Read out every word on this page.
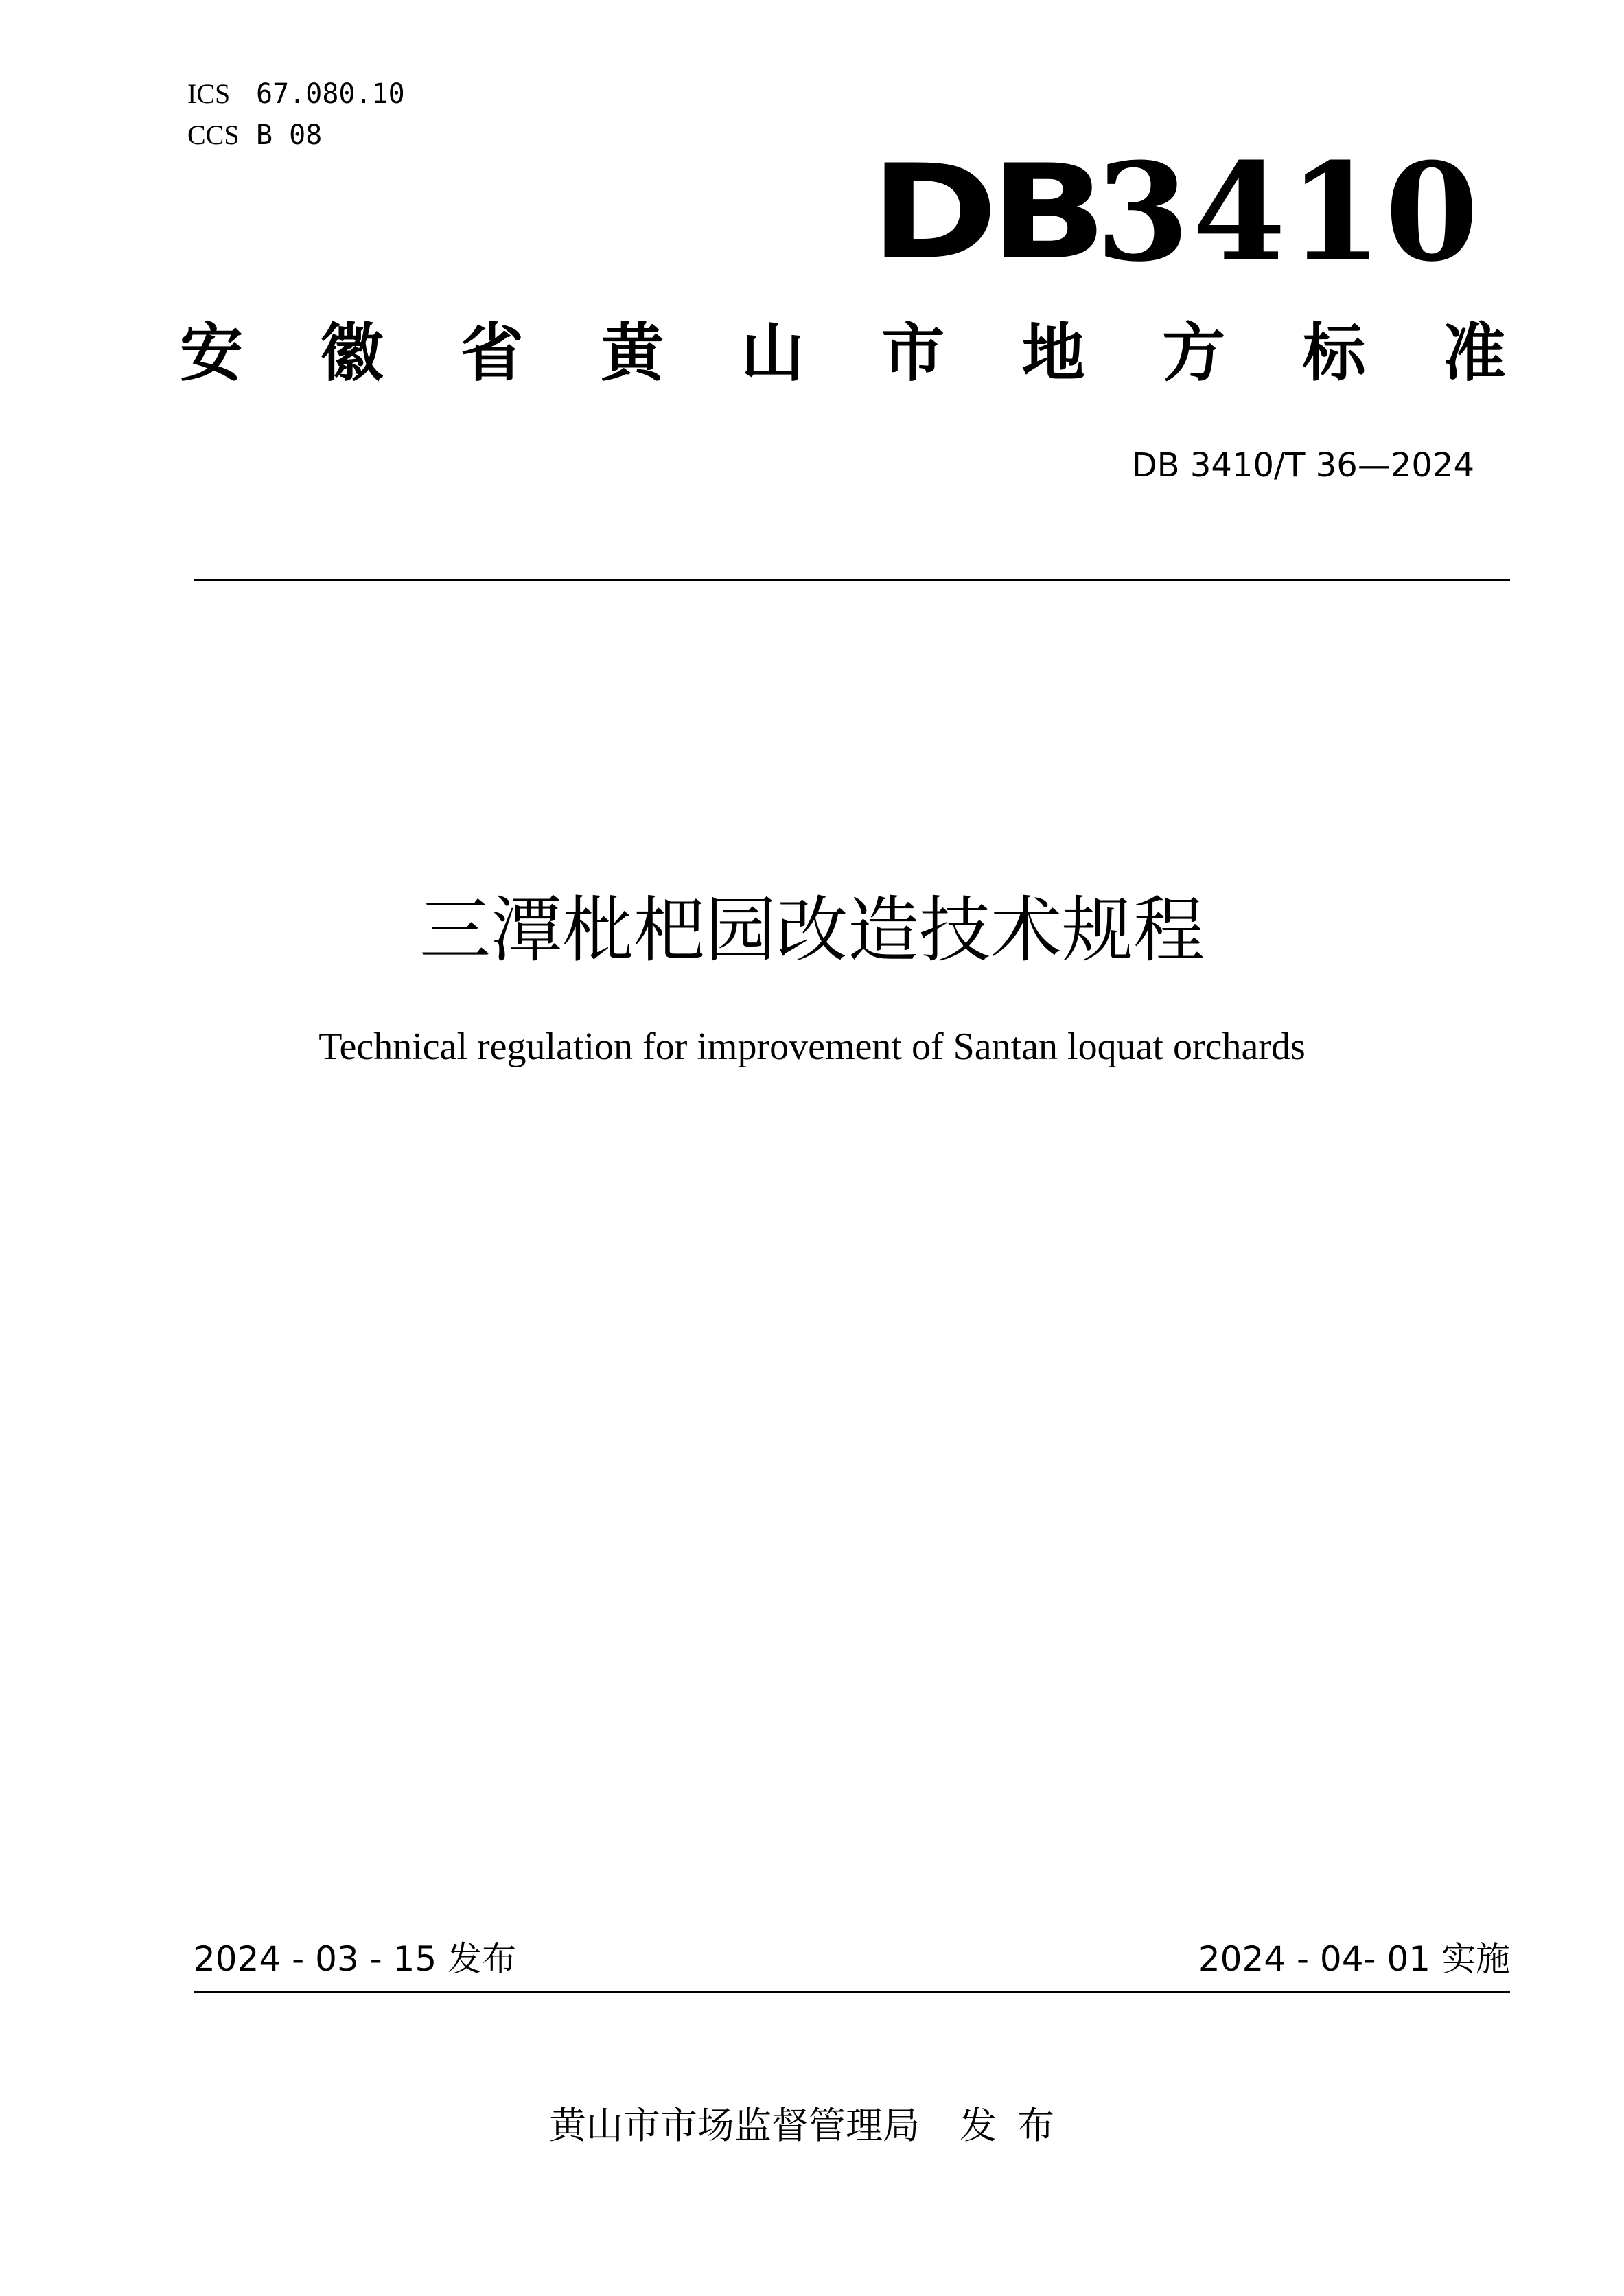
ICS 67.080.10
CCS B 08
DB
3410
安 徽 省 黄 山 市 地 方 标 准
DB 3410/T 36—2024
三潭枇杷园改造技术规程
Technical regulation for improvement of Santan loquat orchards
2024 - 03 - 15 发布	2024 - 04- 01 实施
黄山市市场监督管理局 发布
